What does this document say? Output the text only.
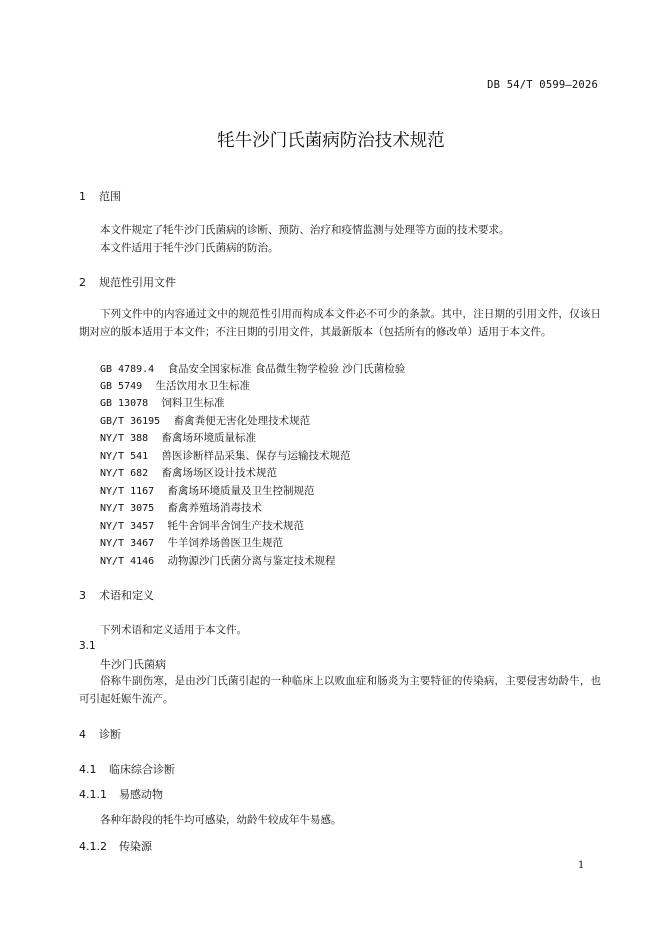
DB 54/T 0599—2026
牦牛沙门氏菌病防治技术规范
1 范围
本文件规定了牦牛沙门氏菌病的诊断、预防、治疗和疫情监测与处理等方面的技术要求。
本文件适用于牦牛沙门氏菌病的防治。
2 规范性引用文件
下列文件中的内容通过文中的规范性引用而构成本文件必不可少的条款。其中，注日期的引用文件，仅该日期对应的版本适用于本文件；不注日期的引用文件，其最新版本（包括所有的修改单）适用于本文件。
GB 4789.4 食品安全国家标准 食品微生物学检验 沙门氏菌检验
GB 5749 生活饮用水卫生标准
GB 13078 饲料卫生标准
GB/T 36195 畜禽粪便无害化处理技术规范
NY/T 388 畜禽场环境质量标准
NY/T 541 兽医诊断样品采集、保存与运输技术规范
NY/T 682 畜禽场场区设计技术规范
NY/T 1167 畜禽场环境质量及卫生控制规范
NY/T 3075 畜禽养殖场消毒技术
NY/T 3457 牦牛舍饲半舍饲生产技术规范
NY/T 3467 牛羊饲养场兽医卫生规范
NY/T 4146 动物源沙门氏菌分离与鉴定技术规程
3 术语和定义
下列术语和定义适用于本文件。
3.1
牛沙门氏菌病
俗称牛副伤寒，是由沙门氏菌引起的一种临床上以败血症和肠炎为主要特征的传染病，主要侵害幼龄牛，也可引起妊娠牛流产。
4 诊断
4.1 临床综合诊断
4.1.1 易感动物
各种年龄段的牦牛均可感染，幼龄牛较成年牛易感。
4.1.2 传染源
1
